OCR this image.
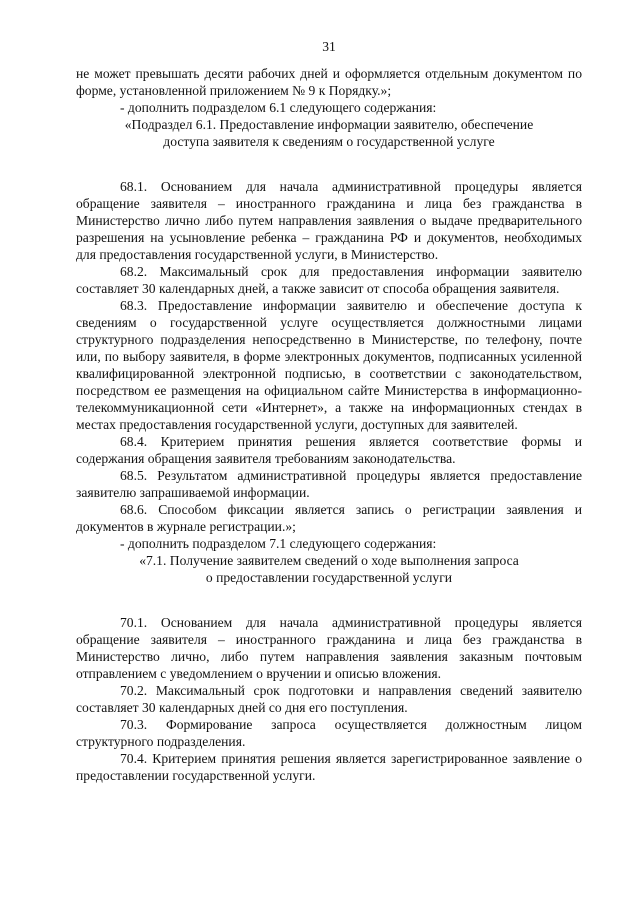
31

не может превышать десяти рабочих дней и оформляется отдельным документом по форме, установленной приложением № 9 к Порядку.»;

- дополнить подразделом 6.1 следующего содержания:

«Подраздел 6.1. Предоставление информации заявителю, обеспечение

доступа заявителя к сведениям о государственной услуге

68.1. Основанием для начала административной процедуры является обращение заявителя – иностранного гражданина и лица без гражданства в Министерство лично либо путем направления заявления о выдаче предварительного разрешения на усыновление ребенка – гражданина РФ и документов, необходимых для предоставления государственной услуги, в Министерство.

68.2. Максимальный срок для предоставления информации заявителю составляет 30 календарных дней, а также зависит от способа обращения заявителя.

68.3. Предоставление информации заявителю и обеспечение доступа к сведениям о государственной услуге осуществляется должностными лицами структурного подразделения непосредственно в Министерстве, по телефону, почте или, по выбору заявителя, в форме электронных документов, подписанных усиленной квалифицированной электронной подписью, в соответствии с законодательством, посредством ее размещения на официальном сайте Министерства в информационно-телекоммуникационной сети «Интернет», а также на информационных стендах в местах предоставления государственной услуги, доступных для заявителей.

68.4. Критерием принятия решения является соответствие формы и содержания обращения заявителя требованиям законодательства.

68.5. Результатом административной процедуры является предоставление заявителю запрашиваемой информации.

68.6. Способом фиксации является запись о регистрации заявления и документов в журнале регистрации.»;

- дополнить подразделом 7.1 следующего содержания:

«7.1. Получение заявителем сведений о ходе выполнения запроса

о предоставлении государственной услуги

70.1. Основанием для начала административной процедуры является обращение заявителя – иностранного гражданина и лица без гражданства в Министерство лично, либо путем направления заявления заказным почтовым отправлением с уведомлением о вручении и описью вложения.

70.2. Максимальный срок подготовки и направления сведений заявителю составляет 30 календарных дней со дня его поступления.

70.3. Формирование запроса осуществляется должностным лицом структурного подразделения.

70.4. Критерием принятия решения является зарегистрированное заявление о предоставлении государственной услуги.
